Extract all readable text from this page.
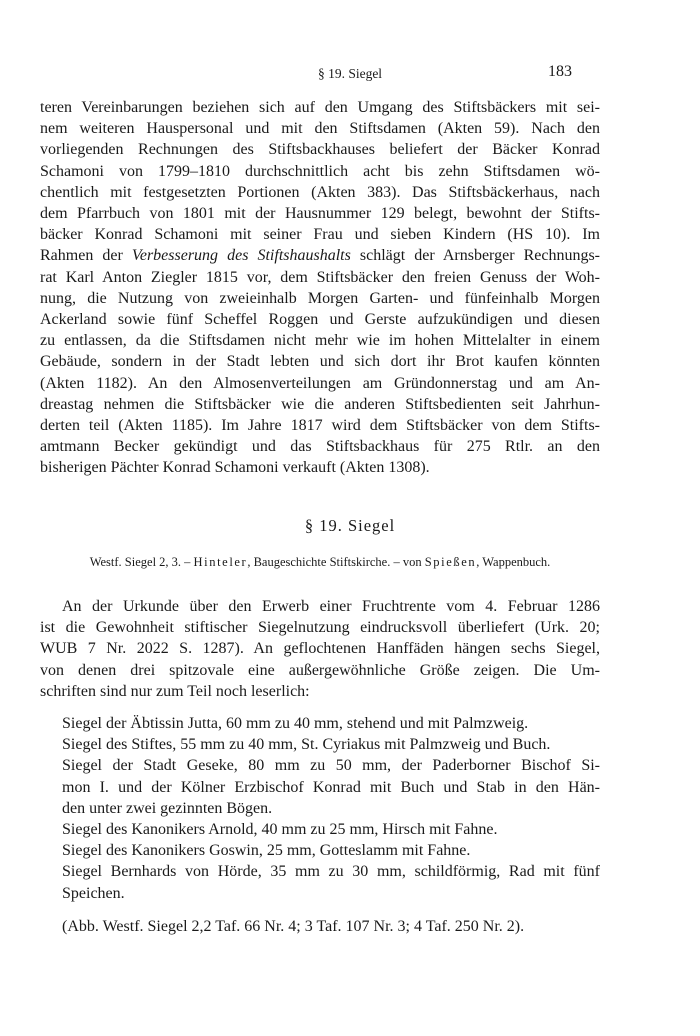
§ 19. Siegel	183
teren Vereinbarungen beziehen sich auf den Umgang des Stiftsbäckers mit sei-
nem weiteren Hauspersonal und mit den Stiftsdamen (Akten 59). Nach den
vorliegenden Rechnungen des Stiftsbackhauses beliefert der Bäcker Konrad
Schamoni von 1799–1810 durchschnittlich acht bis zehn Stiftsdamen wö-
chentlich mit festgesetzten Portionen (Akten 383). Das Stiftsbäckerhaus, nach
dem Pfarrbuch von 1801 mit der Hausnummer 129 belegt, bewohnt der Stifts-
bäcker Konrad Schamoni mit seiner Frau und sieben Kindern (HS 10). Im
Rahmen der Verbesserung des Stiftshaushalts schlägt der Arnsberger Rechnungs-
rat Karl Anton Ziegler 1815 vor, dem Stiftsbäcker den freien Genuss der Woh-
nung, die Nutzung von zweieinhalb Morgen Garten- und fünfeinhalb Morgen
Ackerland sowie fünf Scheffel Roggen und Gerste aufzukündigen und diesen
zu entlassen, da die Stiftsdamen nicht mehr wie im hohen Mittelalter in einem
Gebäude, sondern in der Stadt lebten und sich dort ihr Brot kaufen könnten
(Akten 1182). An den Almosenverteilungen am Gründonnerstag und am An-
dreastag nehmen die Stiftsbäcker wie die anderen Stiftsbedienten seit Jahrhun-
derten teil (Akten 1185). Im Jahre 1817 wird dem Stiftsbäcker von dem Stifts-
amtmann Becker gekündigt und das Stiftsbackhaus für 275 Rtlr. an den
bisherigen Pächter Konrad Schamoni verkauft (Akten 1308).
§ 19. Siegel
Westf. Siegel 2, 3. – Hinteler, Baugeschichte Stiftskirche. – von Spießen, Wappenbuch.
An der Urkunde über den Erwerb einer Fruchtrente vom 4. Februar 1286
ist die Gewohnheit stiftischer Siegelnutzung eindrucksvoll überliefert (Urk. 20;
WUB 7 Nr. 2022 S. 1287). An geflochtenen Hanffäden hängen sechs Siegel,
von denen drei spitzovale eine außergewöhnliche Größe zeigen. Die Um-
schriften sind nur zum Teil noch leserlich:
Siegel der Äbtissin Jutta, 60 mm zu 40 mm, stehend und mit Palmzweig.
Siegel des Stiftes, 55 mm zu 40 mm, St. Cyriakus mit Palmzweig und Buch.
Siegel der Stadt Geseke, 80 mm zu 50 mm, der Paderborner Bischof Si-
mon I. und der Kölner Erzbischof Konrad mit Buch und Stab in den Hän-
den unter zwei gezinnten Bögen.
Siegel des Kanonikers Arnold, 40 mm zu 25 mm, Hirsch mit Fahne.
Siegel des Kanonikers Goswin, 25 mm, Gotteslamm mit Fahne.
Siegel Bernhards von Hörde, 35 mm zu 30 mm, schildförmig, Rad mit fünf
Speichen.
(Abb. Westf. Siegel 2,2 Taf. 66 Nr. 4; 3 Taf. 107 Nr. 3; 4 Taf. 250 Nr. 2).
